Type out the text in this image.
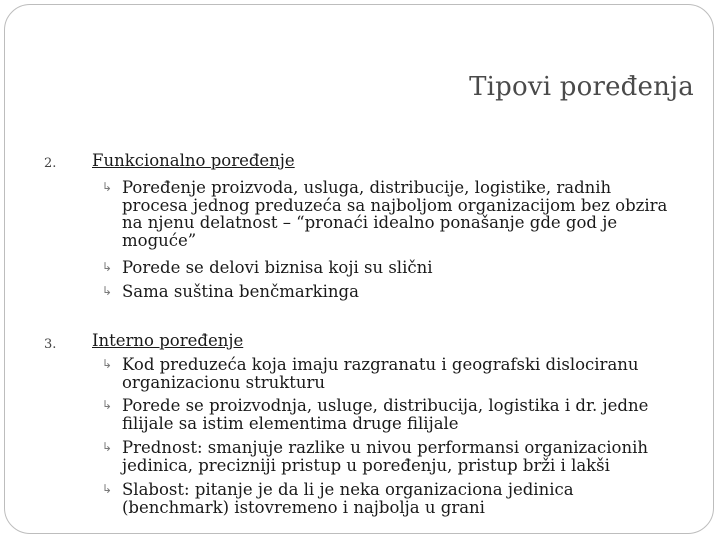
Tipovi poređenja
2. Funkcionalno poređenje
↳ Poređenje proizvoda, usluga, distribucije, logistike, radnih procesa jednog preduzeća sa najboljom organizacijom bez obzira na njenu delatnost – “pronaći idealno ponašanje gde god je moguće”
↳ Porede se delovi biznisa koji su slični
↳ Sama suština benčmarkinga
3. Interno poređenje
↳ Kod preduzeća koja imaju razgranatu i geografski dislociranu organizacionu strukturu
↳ Porede se proizvodnja, usluge, distribucija, logistika i dr. jedne filijale sa istim elementima druge filijale
↳ Prednost: smanjuje razlike u nivou performansi organizacionih jedinica, precizniji pristup u poređenju, pristup brži i lakši
↳ Slabost: pitanje je da li je neka organizaciona jedinica (benchmark) istovremeno i najbolja u grani
